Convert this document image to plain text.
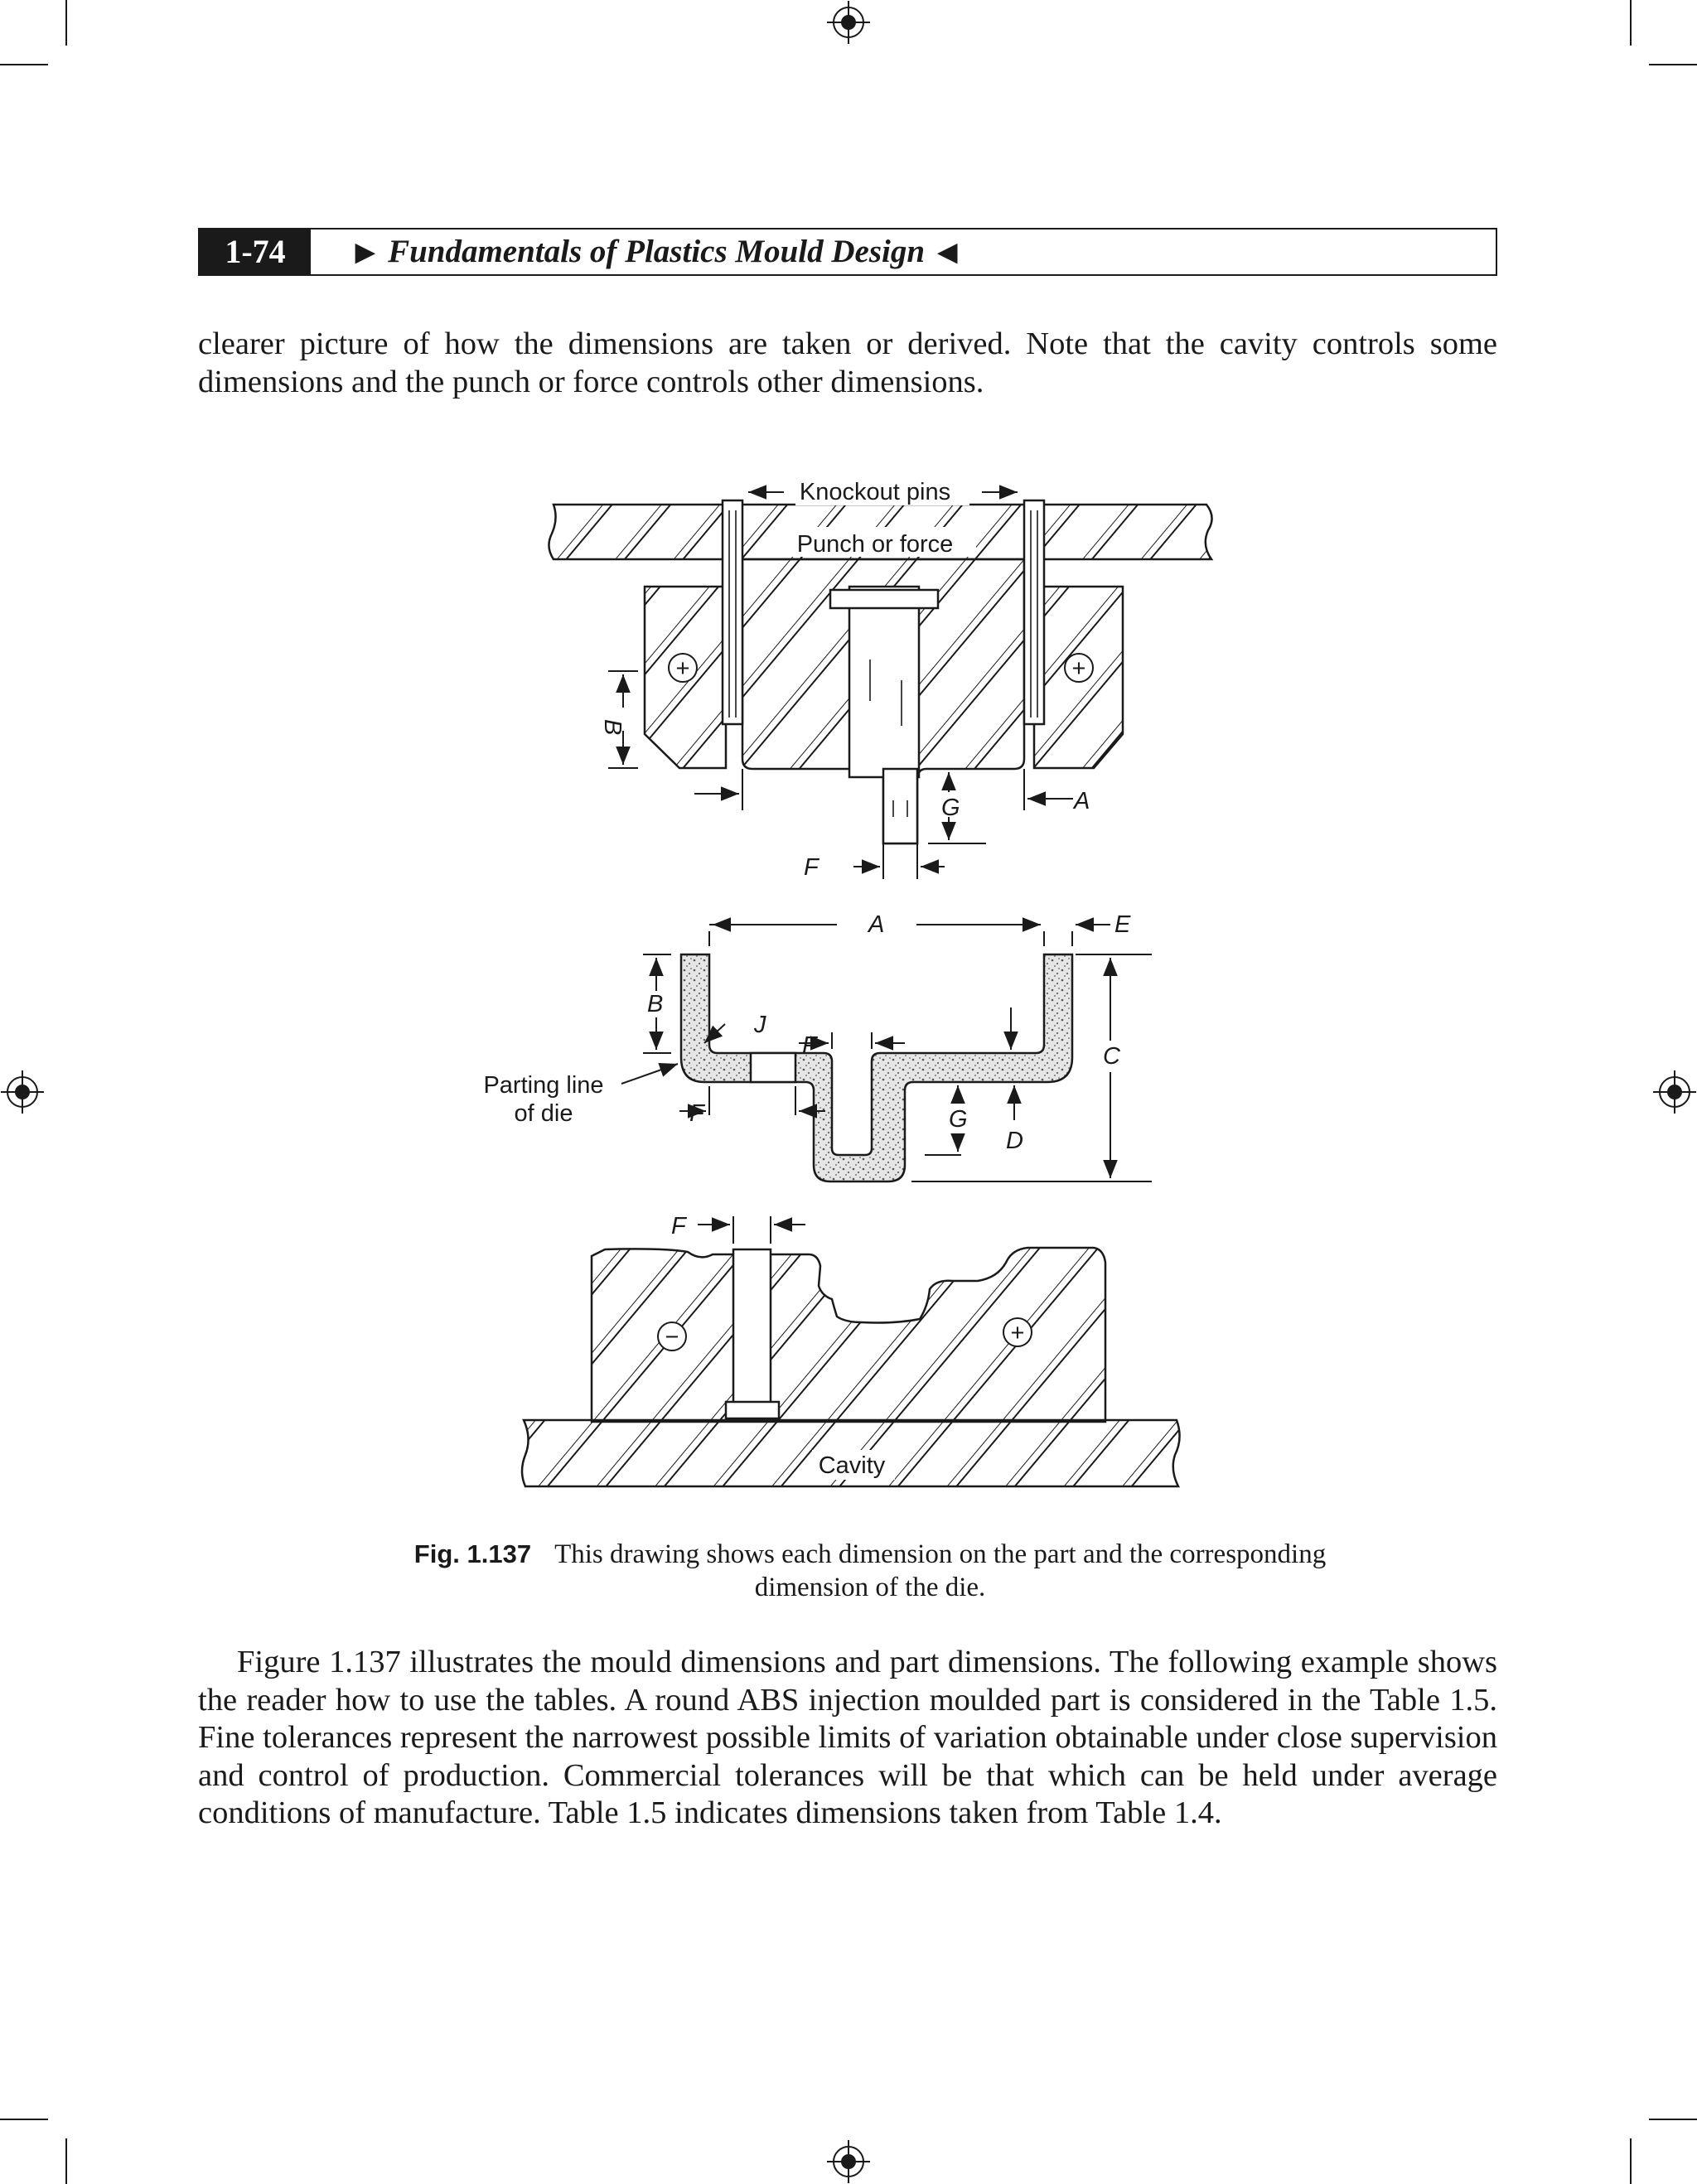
1-74	▶ Fundamentals of Plastics Mould Design ◀

clearer picture of how the dimensions are taken or derived. Note that the cavity controls some dimensions and the punch or force controls other dimensions.

Punch or force
Knockout pins
+	+
B
A
G
F
A	E
B
J
F
F	G
D
C
Parting line
of die
−	+
F
Cavity
Fig. 1.137 This drawing shows each dimension on the part and the corresponding
dimension of the die.

Figure 1.137 illustrates the mould dimensions and part dimensions. The following example shows the reader how to use the tables. A round ABS injection moulded part is considered in the Table 1.5. Fine tolerances represent the narrowest possible limits of variation obtainable under close supervision and control of production. Commercial tolerances will be that which can be held under average conditions of manufacture. Table 1.5 indicates dimensions taken from Table 1.4.
